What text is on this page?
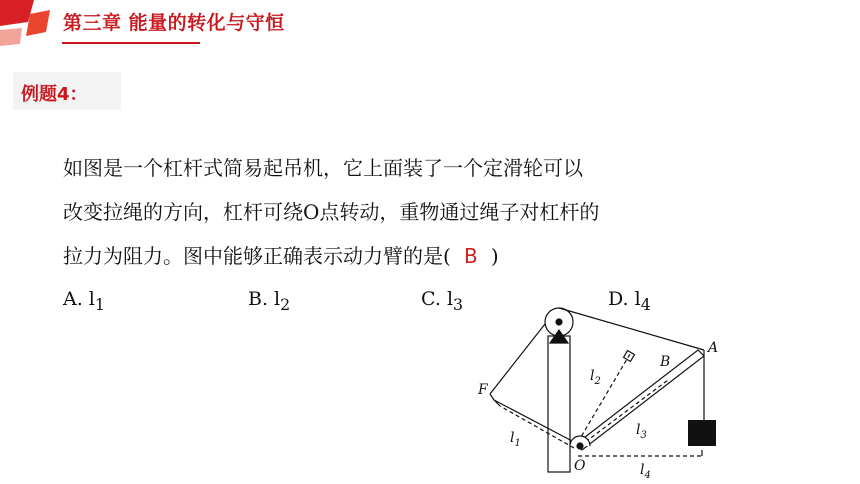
第三章 能量的转化与守恒
例题4：
如图是一个杠杆式简易起吊机，它上面装了一个定滑轮可以
改变拉绳的方向，杠杆可绕O点转动，重物通过绳子对杠杆的
拉力为阻力。图中能够正确表示动力臂的是( B )
A. $l_1$	B. $l_2$	C. $l_3$	D. $l_4$
A
B
F
O
$l_1$
$l_2$
$l_3$
$l_4$
